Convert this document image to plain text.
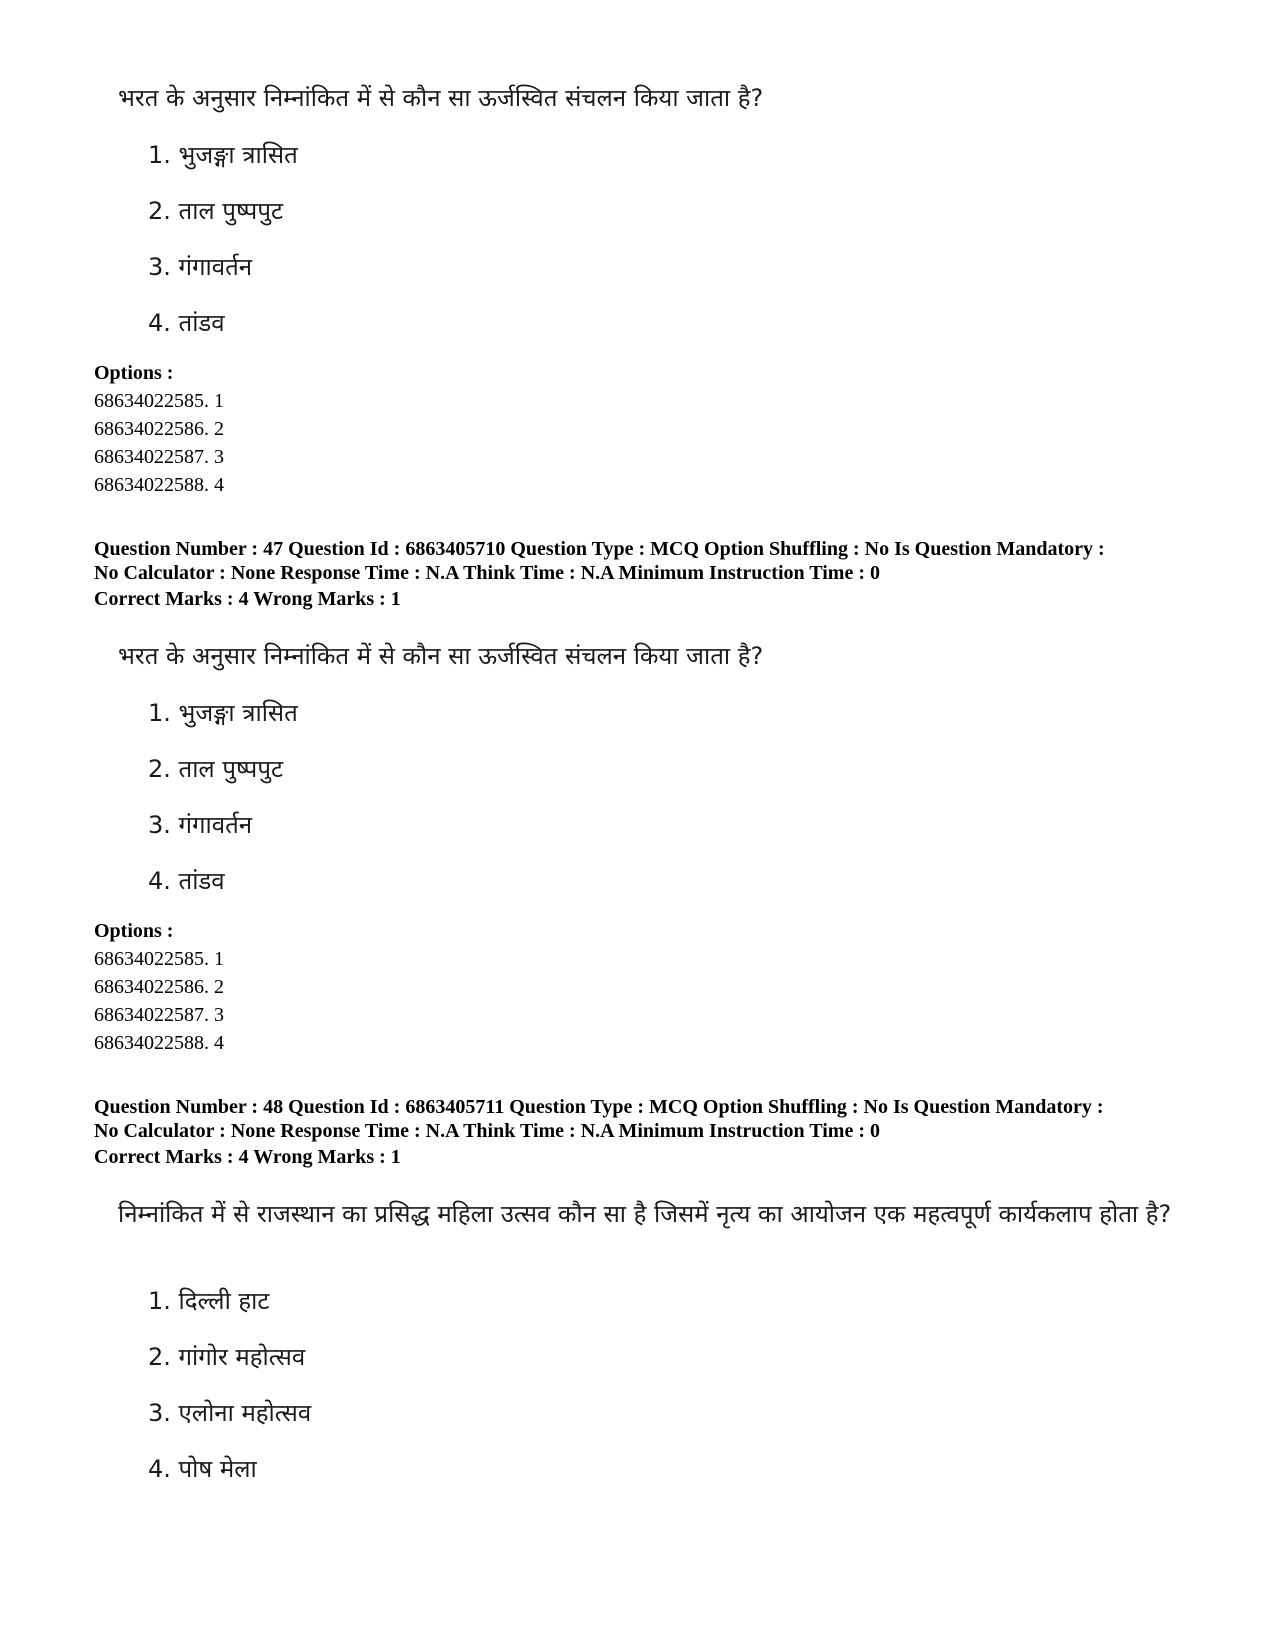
भरत के अनुसार निम्नांकित में से कौन सा ऊर्जस्वित संचलन किया जाता है?
1. भुजङ्गा त्रासित
2. ताल पुष्पपुट
3. गंगावर्तन
4. तांडव
Options :
68634022585. 1
68634022586. 2
68634022587. 3
68634022588. 4
Question Number : 47 Question Id : 6863405710 Question Type : MCQ Option Shuffling : No Is Question Mandatory :
No Calculator : None Response Time : N.A Think Time : N.A Minimum Instruction Time : 0
Correct Marks : 4 Wrong Marks : 1
भरत के अनुसार निम्नांकित में से कौन सा ऊर्जस्वित संचलन किया जाता है?
1. भुजङ्गा त्रासित
2. ताल पुष्पपुट
3. गंगावर्तन
4. तांडव
Options :
68634022585. 1
68634022586. 2
68634022587. 3
68634022588. 4
Question Number : 48 Question Id : 6863405711 Question Type : MCQ Option Shuffling : No Is Question Mandatory :
No Calculator : None Response Time : N.A Think Time : N.A Minimum Instruction Time : 0
Correct Marks : 4 Wrong Marks : 1
निम्नांकित में से राजस्थान का प्रसिद्ध महिला उत्सव कौन सा है जिसमें नृत्य का आयोजन एक महत्वपूर्ण कार्यकलाप होता है?
1. दिल्ली हाट
2. गांगोर महोत्सव
3. एलोना महोत्सव
4. पोष मेला
